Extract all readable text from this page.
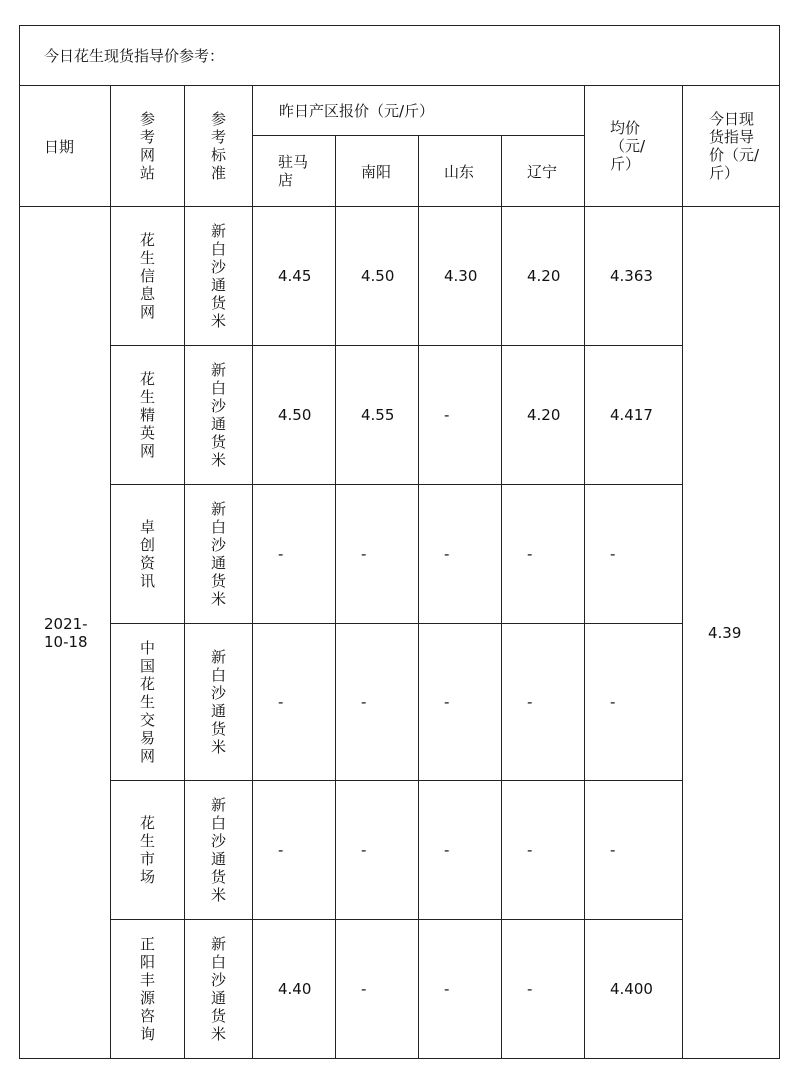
今日花生现货指导价参考：								
日期	参考网站	参考标准	昨日产区报价（元/斤）				均价（元/斤）	今日现货指导价（元/斤）

			驻马店	南阳	山东	辽宁		

2021-10-18	花生信息网	新白沙通货米	4.45	4.50	4.30	4.20	4.363	4.39

	花生精英网	新白沙通货米	4.50	4.55	-	4.20	4.417	

	卓创资讯	新白沙通货米	-	-	-	-	-	

	中国花生交易网	新白沙通货米	-	-	-	-	-	

	花生市场	新白沙通货米	-	-	-	-	-	

	正阳丰源咨询	新白沙通货米	4.40	-	-	-	4.400	
